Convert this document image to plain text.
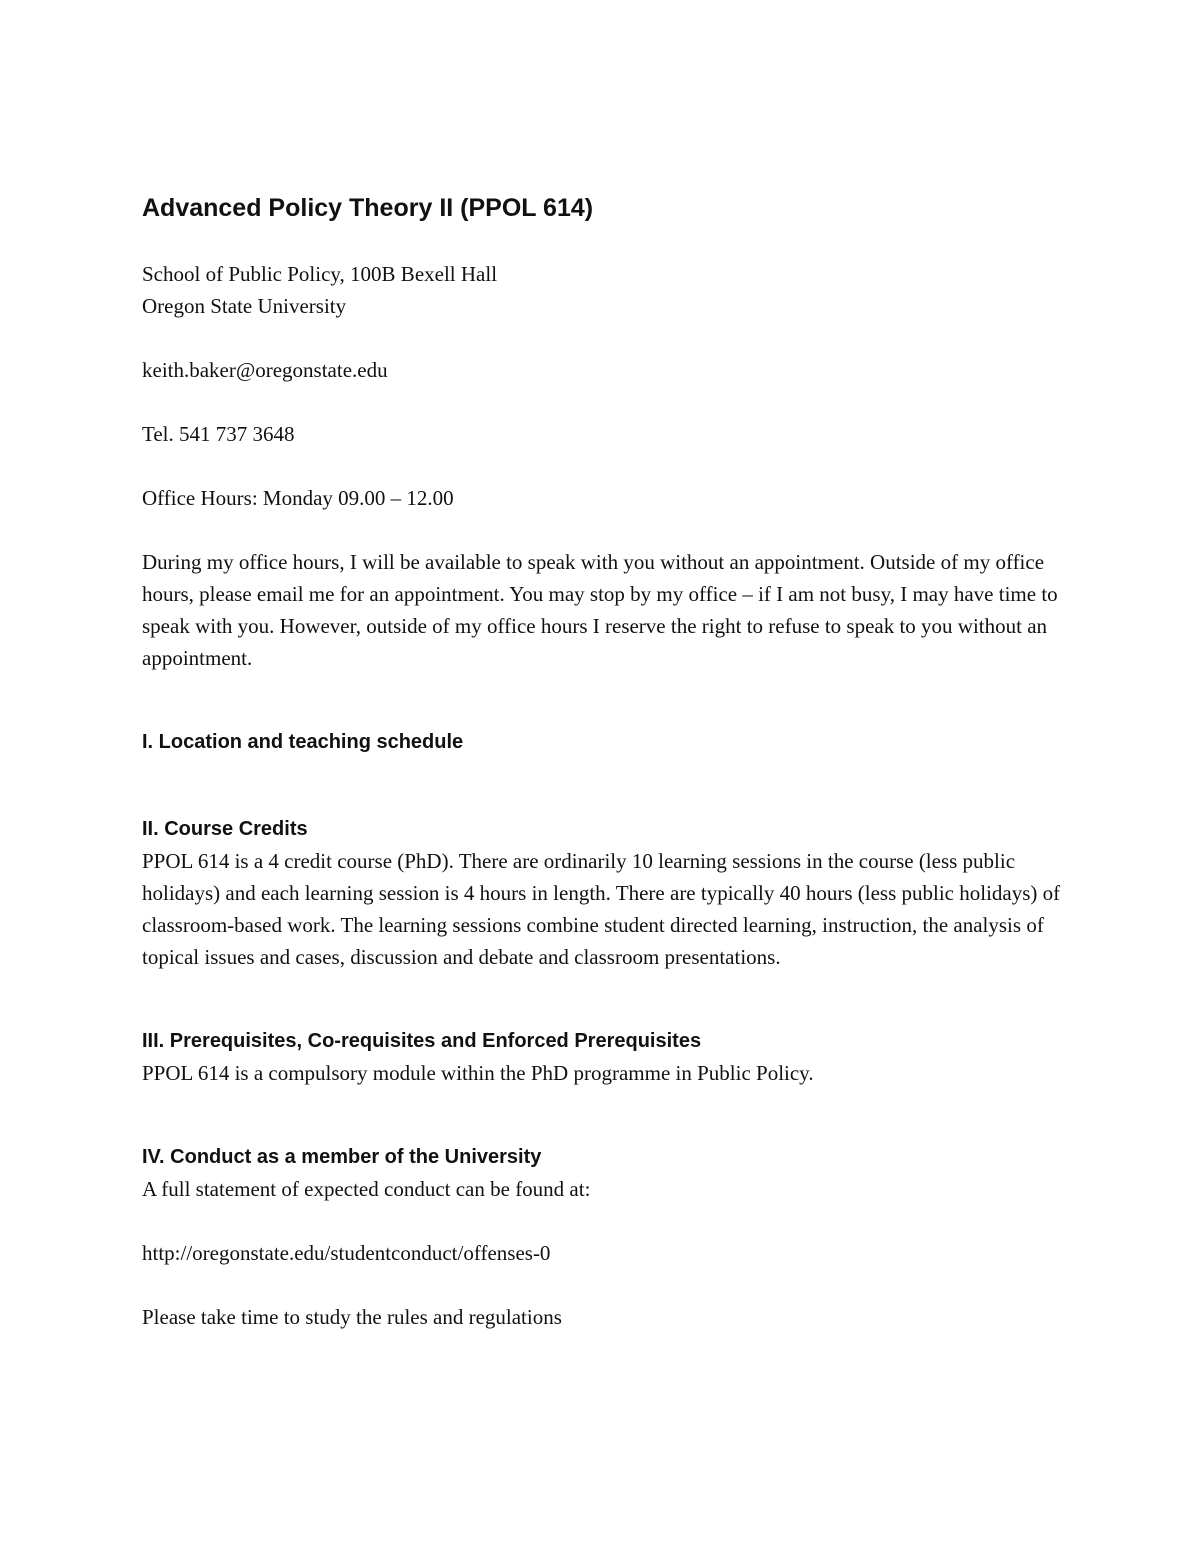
Advanced Policy Theory II (PPOL 614)

School of Public Policy, 100B Bexell Hall

Oregon State University

keith.baker@oregonstate.edu

Tel. 541 737 3648

Office Hours: Monday 09.00 – 12.00

During my office hours, I will be available to speak with you without an appointment. Outside of my office hours, please email me for an appointment. You may stop by my office – if I am not busy, I may have time to speak with you. However, outside of my office hours I reserve the right to refuse to speak to you without an appointment.

I. Location and teaching schedule
II. Course Credits

PPOL 614 is a 4 credit course (PhD). There are ordinarily 10 learning sessions in the course (less public holidays) and each learning session is 4 hours in length. There are typically 40 hours (less public holidays) of classroom-based work. The learning sessions combine student directed learning, instruction, the analysis of topical issues and cases, discussion and debate and classroom presentations.

III. Prerequisites, Co-requisites and Enforced Prerequisites

PPOL 614 is a compulsory module within the PhD programme in Public Policy.

IV. Conduct as a member of the University

A full statement of expected conduct can be found at:

http://oregonstate.edu/studentconduct/offenses-0

Please take time to study the rules and regulations
